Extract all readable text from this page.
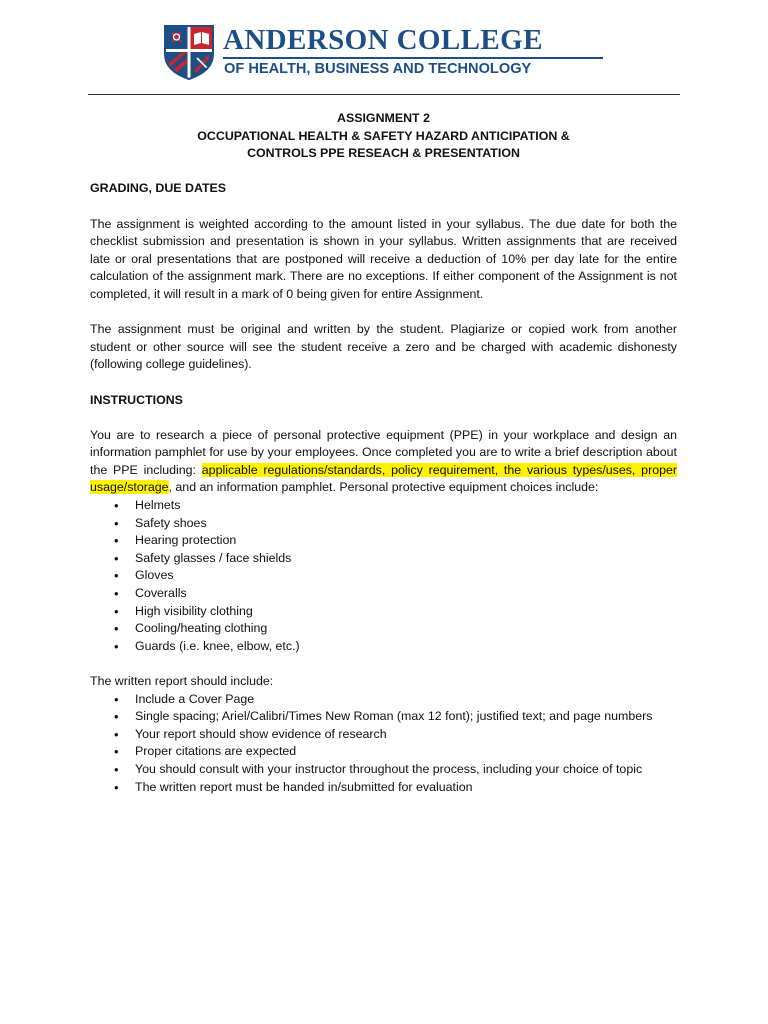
ANDERSON COLLEGE
OF HEALTH, BUSINESS AND TECHNOLOGY

ASSIGNMENT 2

OCCUPATIONAL HEALTH & SAFETY HAZARD ANTICIPATION &

CONTROLS PPE RESEACH & PRESENTATION

GRADING, DUE DATES

The assignment is weighted according to the amount listed in your syllabus. The due date for both the checklist submission and presentation is shown in your syllabus. Written assignments that are received late or oral presentations that are postponed will receive a deduction of 10% per day late for the entire calculation of the assignment mark. There are no exceptions. If either component of the Assignment is not completed, it will result in a mark of 0 being given for entire Assignment.

The assignment must be original and written by the student. Plagiarize or copied work from another student or other source will see the student receive a zero and be charged with academic dishonesty (following college guidelines).

INSTRUCTIONS

You are to research a piece of personal protective equipment (PPE) in your workplace and design an information pamphlet for use by your employees. Once completed you are to write a brief description about the PPE including: applicable regulations/standards, policy requirement, the various types/uses, proper usage/storage, and an information pamphlet. Personal protective equipment choices include:

• Helmets
• Safety shoes
• Hearing protection
• Safety glasses / face shields
• Gloves
• Coveralls
• High visibility clothing
• Cooling/heating clothing
• Guards (i.e. knee, elbow, etc.)

The written report should include:

• Include a Cover Page
• Single spacing; Ariel/Calibri/Times New Roman (max 12 font); justified text; and page numbers
• Your report should show evidence of research
• Proper citations are expected
• You should consult with your instructor throughout the process, including your choice of topic
• The written report must be handed in/submitted for evaluation
